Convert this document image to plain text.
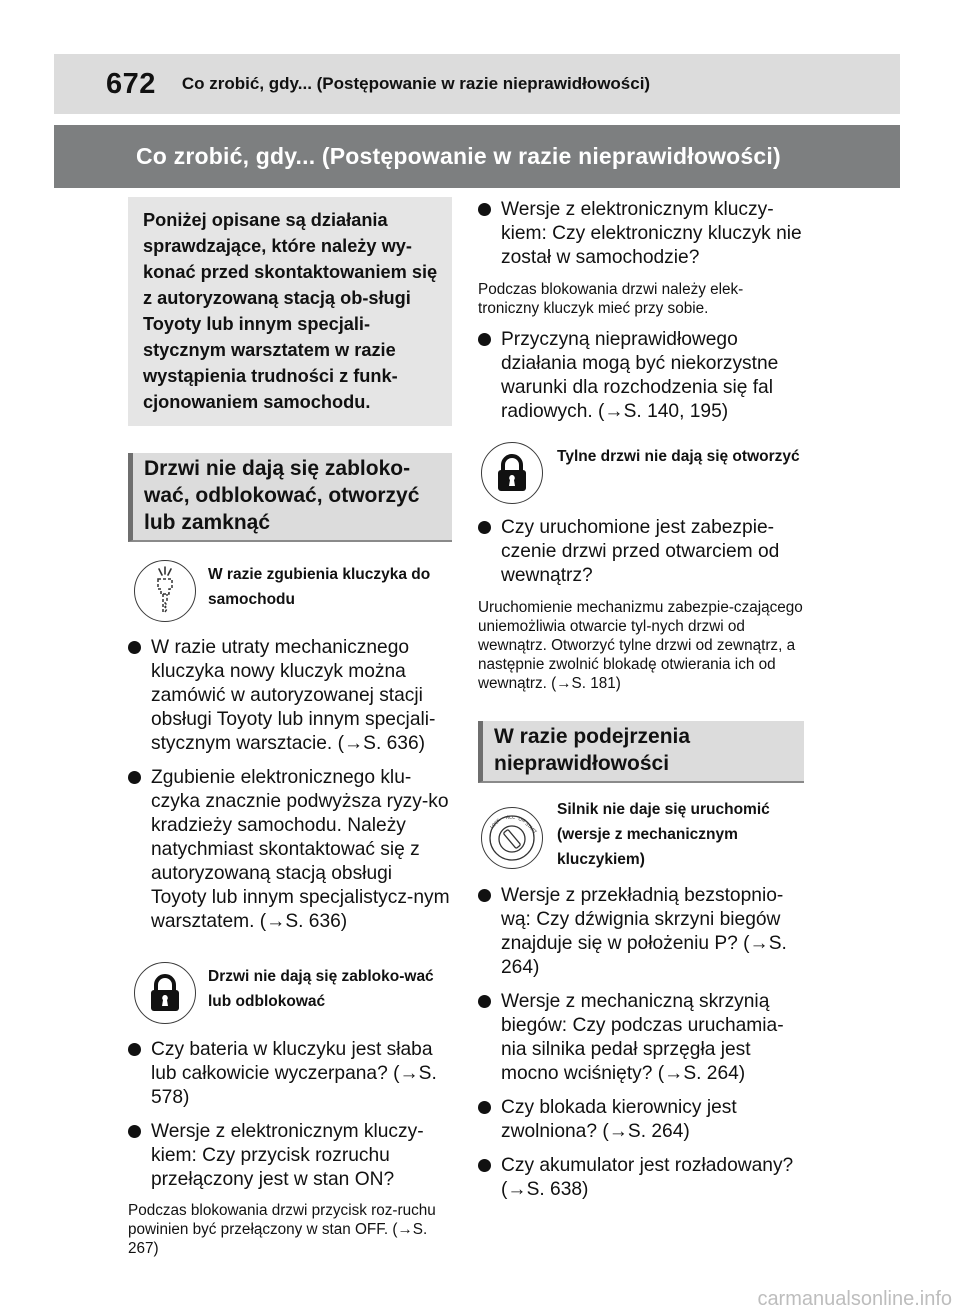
672 Co zrobić, gdy... (Postępowanie w razie nieprawidłowości)
Co zrobić, gdy... (Postępowanie w razie nieprawidłowości)
Poniżej opisane są działania sprawdzające, które należy wy-konać przed skontaktowaniem się z autoryzowaną stacją ob-sługi Toyoty lub innym specjali-stycznym warsztatem w razie wystąpienia trudności z funk-cjonowaniem samochodu.
Drzwi nie dają się zabloko-wać, odblokować, otworzyć lub zamknąć
W razie zgubienia kluczyka do samochodu
W razie utraty mechanicznego kluczyka nowy kluczyk można zamówić w autoryzowanej stacji obsługi Toyoty lub innym specjali-stycznym warsztacie. (→S. 636)
Zgubienie elektronicznego klu-czyka znacznie podwyższa ryzy-ko kradzieży samochodu. Należy natychmiast skontaktować się z autoryzowaną stacją obsługi Toyoty lub innym specjalistycz-nym warsztatem. (→S. 636)
Drzwi nie dają się zabloko-wać lub odblokować
Czy bateria w kluczyku jest słaba lub całkowicie wyczerpana? (→S. 578)
Wersje z elektronicznym kluczy-kiem: Czy przycisk rozruchu przełączony jest w stan ON?
Podczas blokowania drzwi przycisk roz-ruchu powinien być przełączony w stan OFF. (→S. 267)
Wersje z elektronicznym kluczy-kiem: Czy elektroniczny kluczyk nie został w samochodzie?
Podczas blokowania drzwi należy elek-troniczny kluczyk mieć przy sobie.
Przyczyną nieprawidłowego działania mogą być niekorzystne warunki dla rozchodzenia się fal radiowych. (→S. 140, 195)
Tylne drzwi nie dają się otworzyć
Czy uruchomione jest zabezpie-czenie drzwi przed otwarciem od wewnątrz?
Uruchomienie mechanizmu zabezpie-czającego uniemożliwia otwarcie tyl-nych drzwi od wewnątrz. Otworzyć tylne drzwi od zewnątrz, a następnie zwolnić blokadę otwierania ich od wewnątrz. (→S. 181)
W razie podejrzenia nieprawidłowości
LOCK ACC ON
START
Silnik nie daje się uruchomić (wersje z mechanicznym kluczykiem)
Wersje z przekładnią bezstopnio-wą: Czy dźwignia skrzyni biegów znajduje się w położeniu P? (→S. 264)
Wersje z mechaniczną skrzynią biegów: Czy podczas uruchamia-nia silnika pedał sprzęgła jest mocno wciśnięty? (→S. 264)
Czy blokada kierownicy jest zwolniona? (→S. 264)
Czy akumulator jest rozładowany? (→S. 638)
carmanualsonline.info
